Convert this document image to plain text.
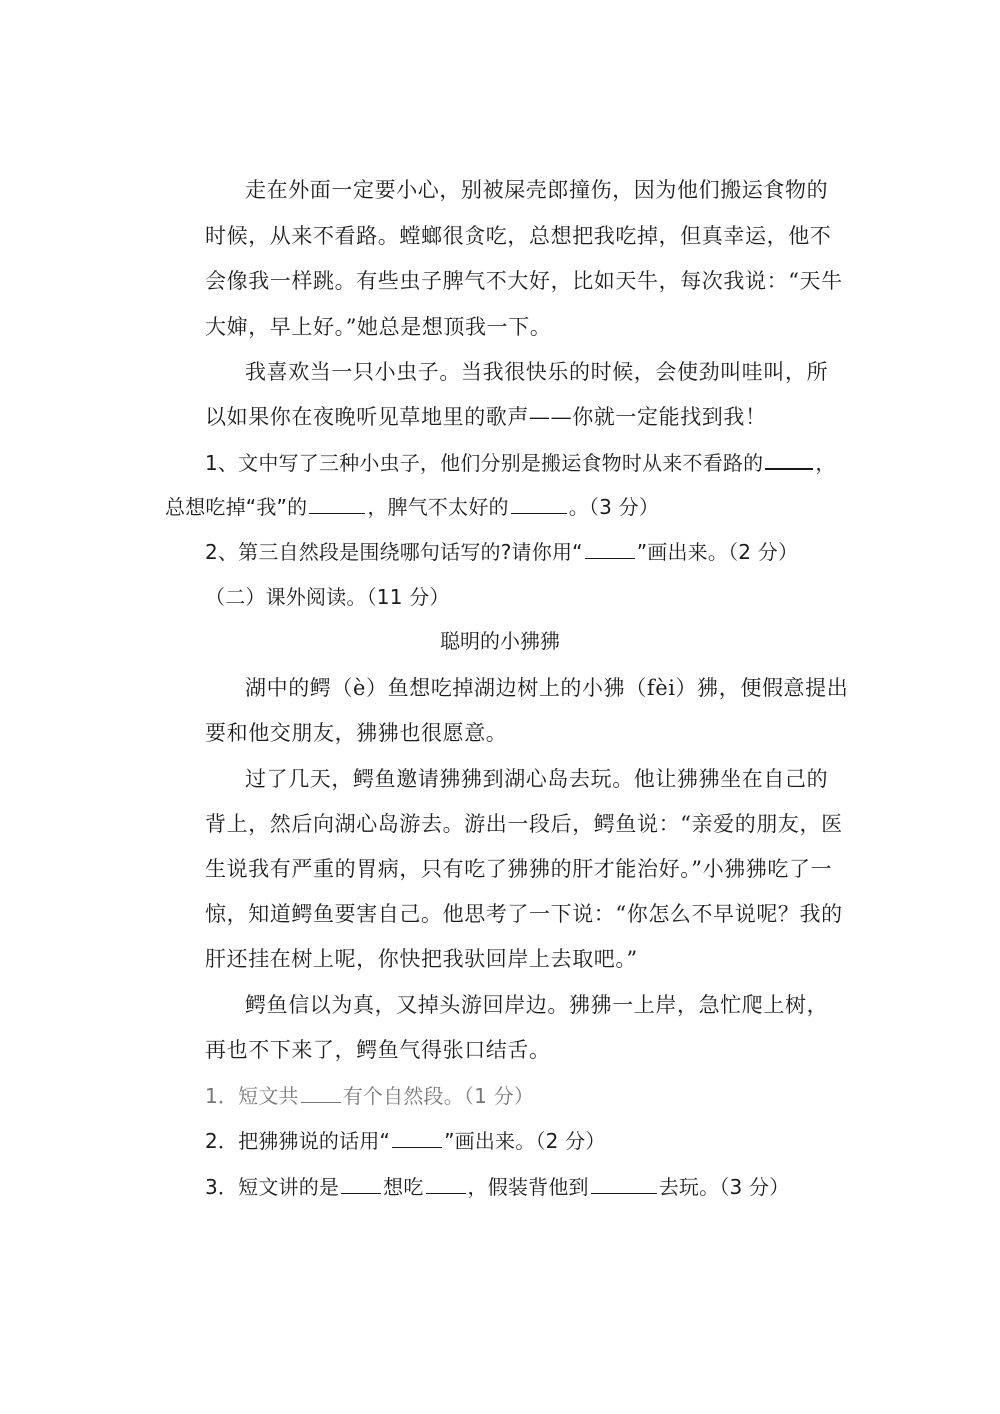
走在外面一定要小心，别被屎壳郎撞伤，因为他们搬运食物的
时候，从来不看路。螳螂很贪吃，总想把我吃掉，但真幸运，他不
会像我一样跳。有些虫子脾气不大好，比如天牛，每次我说：“天牛
大婶，早上好。”她总是想顶我一下。
我喜欢当一只小虫子。当我很快乐的时候，会使劲叫哇叫，所
以如果你在夜晚听见草地里的歌声——你就一定能找到我！
1、文中写了三种小虫子，他们分别是搬运食物时从来不看路的	，
总想吃掉“我”的	，脾气不太好的	。（3 分）
2、第三自然段是围绕哪句话写的?请你用“	”画出来。（2 分）
（二）课外阅读。（11 分）
聪明的小狒狒
湖中的鳄（è）鱼想吃掉湖边树上的小狒（fèi）狒，便假意提出
要和他交朋友，狒狒也很愿意。
过了几天，鳄鱼邀请狒狒到湖心岛去玩。他让狒狒坐在自己的
背上，然后向湖心岛游去。游出一段后，鳄鱼说：“亲爱的朋友，医
生说我有严重的胃病，只有吃了狒狒的肝才能治好。”小狒狒吃了一
惊，知道鳄鱼要害自己。他思考了一下说：“你怎么不早说呢？我的
肝还挂在树上呢，你快把我驮回岸上去取吧。”
鳄鱼信以为真，又掉头游回岸边。狒狒一上岸，急忙爬上树，
再也不下来了，鳄鱼气得张口结舌。
1．短文共 有个自然段。（1 分）
2．把狒狒说的话用“	”画出来。（2 分）
3．短文讲的是 想吃 ，假装背他到	去玩。（3 分）
